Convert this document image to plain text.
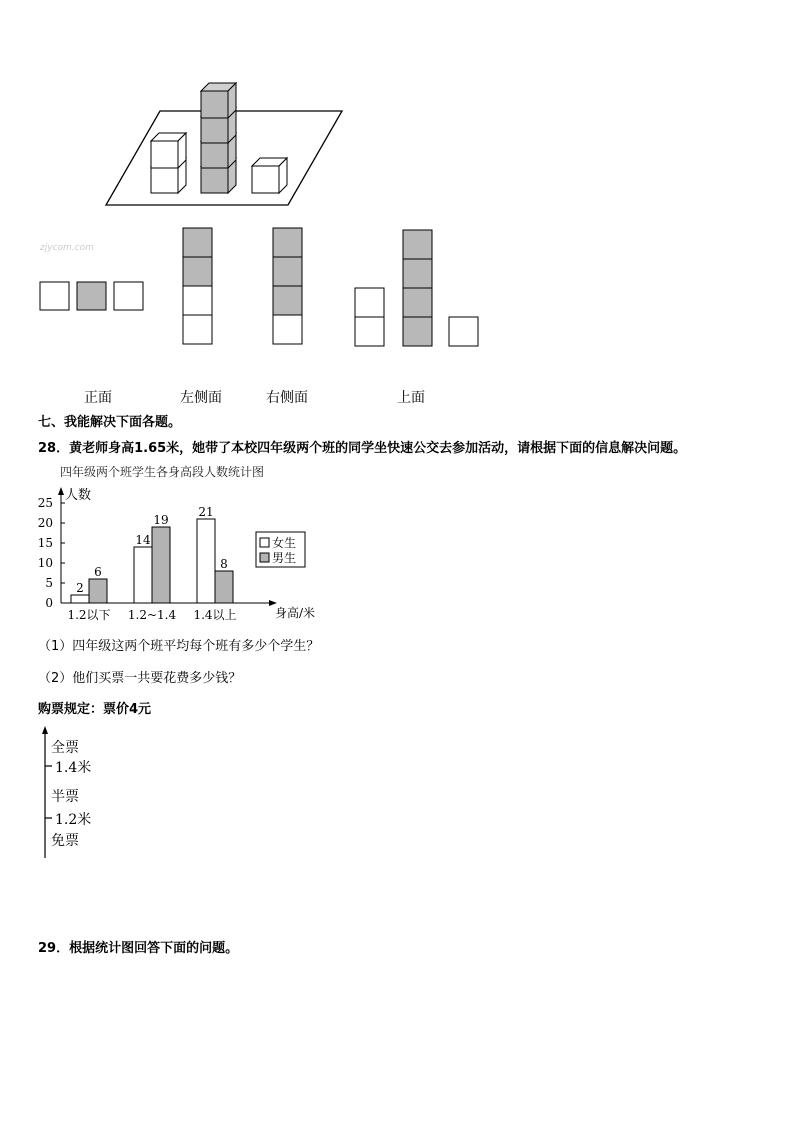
zjycom.com
正面	左侧面	右侧面	上面
七、我能解决下面各题。
28．黄老师身高1.65米，她带了本校四年级两个班的同学坐快速公交去参加活动，请根据下面的信息解决问题。
四年级两个班学生各身高段人数统计图
人数
身高/米
0
5
10
15
20
25
2
6
1.2以下
14
19
1.2~1.4
21
8
1.4以上
女生
男生
（1）四年级这两个班平均每个班有多少个学生？
（2）他们买票一共要花费多少钱？
购票规定：票价4元
全票
1.4米
半票
1.2米
免票
29．根据统计图回答下面的问题。
